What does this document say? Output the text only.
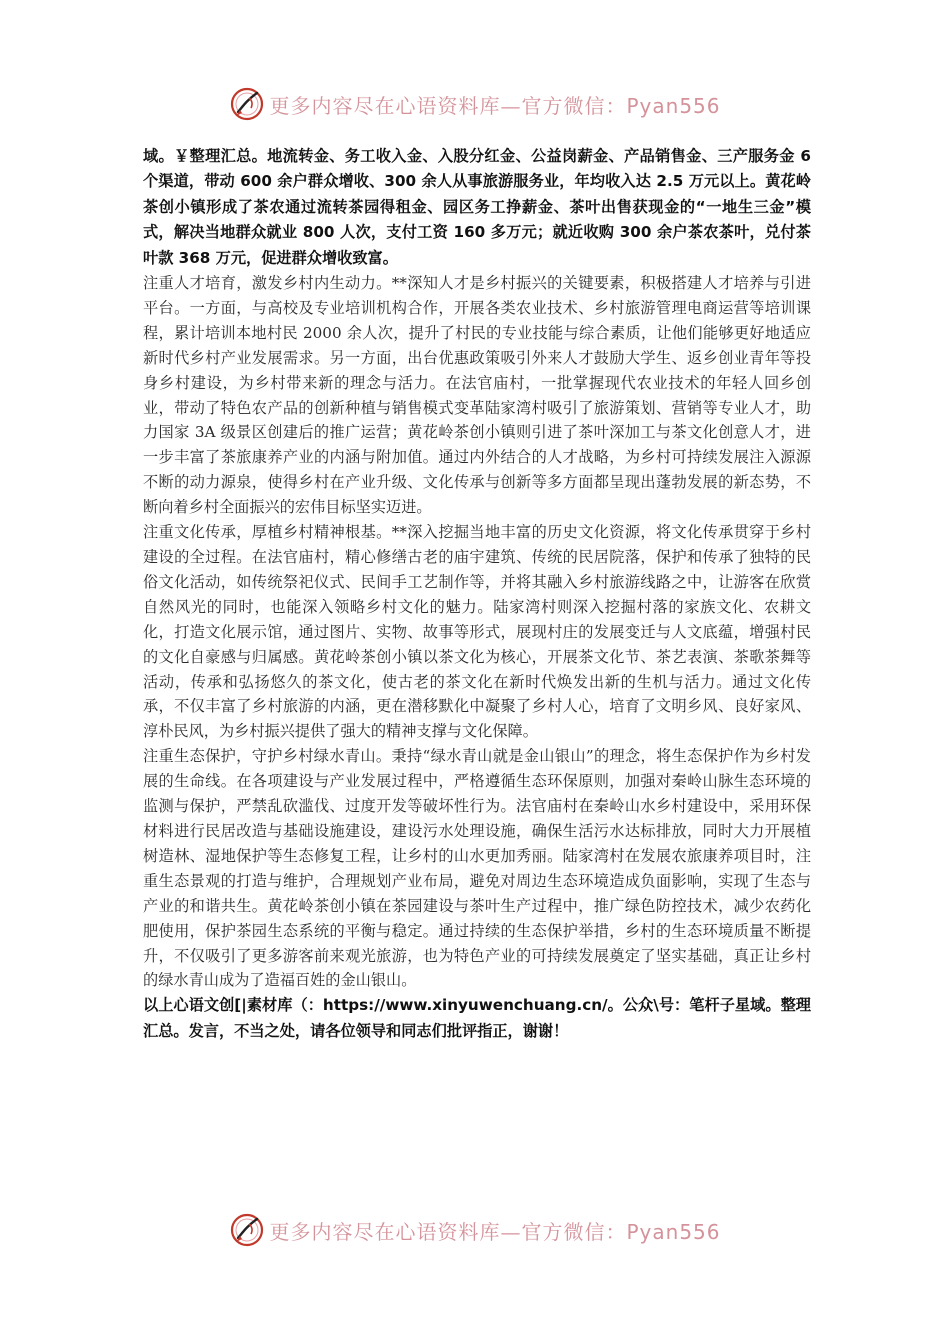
更多内容尽在心语资料库—官方微信：Pyan556

域。￥整理汇总。地流转金、务工收入金、入股分红金、公益岗薪金、产品销售金、三产服务金 6 个渠道，带动 600 余户群众增收、300 余人从事旅游服务业，年均收入达 2.5 万元以上。黄花岭茶创小镇形成了茶农通过流转茶园得租金、园区务工挣薪金、茶叶出售获现金的“一地生三金”模式，解决当地群众就业 800 人次，支付工资 160 多万元；就近收购 300 余户茶农茶叶，兑付茶叶款 368 万元，促进群众增收致富。

注重人才培育，激发乡村内生动力。**深知人才是乡村振兴的关键要素，积极搭建人才培养与引进平台。一方面，与高校及专业培训机构合作，开展各类农业技术、乡村旅游管理电商运营等培训课程，累计培训本地村民 2000 余人次，提升了村民的专业技能与综合素质，让他们能够更好地适应新时代乡村产业发展需求。另一方面，出台优惠政策吸引外来人才鼓励大学生、返乡创业青年等投身乡村建设，为乡村带来新的理念与活力。在法官庙村，一批掌握现代农业技术的年轻人回乡创业，带动了特色农产品的创新种植与销售模式变革陆家湾村吸引了旅游策划、营销等专业人才，助力国家 3A 级景区创建后的推广运营；黄花岭茶创小镇则引进了茶叶深加工与茶文化创意人才，进一步丰富了茶旅康养产业的内涵与附加值。通过内外结合的人才战略，为乡村可持续发展注入源源不断的动力源泉，使得乡村在产业升级、文化传承与创新等多方面都呈现出蓬勃发展的新态势，不断向着乡村全面振兴的宏伟目标坚实迈进。

注重文化传承，厚植乡村精神根基。**深入挖掘当地丰富的历史文化资源，将文化传承贯穿于乡村建设的全过程。在法官庙村，精心修缮古老的庙宇建筑、传统的民居院落，保护和传承了独特的民俗文化活动，如传统祭祀仪式、民间手工艺制作等，并将其融入乡村旅游线路之中，让游客在欣赏自然风光的同时，也能深入领略乡村文化的魅力。陆家湾村则深入挖掘村落的家族文化、农耕文化，打造文化展示馆，通过图片、实物、故事等形式，展现村庄的发展变迁与人文底蕴，增强村民的文化自豪感与归属感。黄花岭茶创小镇以茶文化为核心，开展茶文化节、茶艺表演、茶歌茶舞等活动，传承和弘扬悠久的茶文化，使古老的茶文化在新时代焕发出新的生机与活力。通过文化传承，不仅丰富了乡村旅游的内涵，更在潜移默化中凝聚了乡村人心，培育了文明乡风、良好家风、淳朴民风，为乡村振兴提供了强大的精神支撑与文化保障。

注重生态保护，守护乡村绿水青山。秉持“绿水青山就是金山银山”的理念，将生态保护作为乡村发展的生命线。在各项建设与产业发展过程中，严格遵循生态环保原则，加强对秦岭山脉生态环境的监测与保护，严禁乱砍滥伐、过度开发等破坏性行为。法官庙村在秦岭山水乡村建设中，采用环保材料进行民居改造与基础设施建设，建设污水处理设施，确保生活污水达标排放，同时大力开展植树造林、湿地保护等生态修复工程，让乡村的山水更加秀丽。陆家湾村在发展农旅康养项目时，注重生态景观的打造与维护，合理规划产业布局，避免对周边生态环境造成负面影响，实现了生态与产业的和谐共生。黄花岭茶创小镇在茶园建设与茶叶生产过程中，推广绿色防控技术，减少农药化肥使用，保护茶园生态系统的平衡与稳定。通过持续的生态保护举措，乡村的生态环境质量不断提升，不仅吸引了更多游客前来观光旅游，也为特色产业的可持续发展奠定了坚实基础，真正让乡村的绿水青山成为了造福百姓的金山银山。

以上心语文创[|素材库（：https://www.xinyuwenchuang.cn/。公众\号：笔杆子星域。整理汇总。发言，不当之处，请各位领导和同志们批评指正，谢谢！

更多内容尽在心语资料库—官方微信：Pyan556
